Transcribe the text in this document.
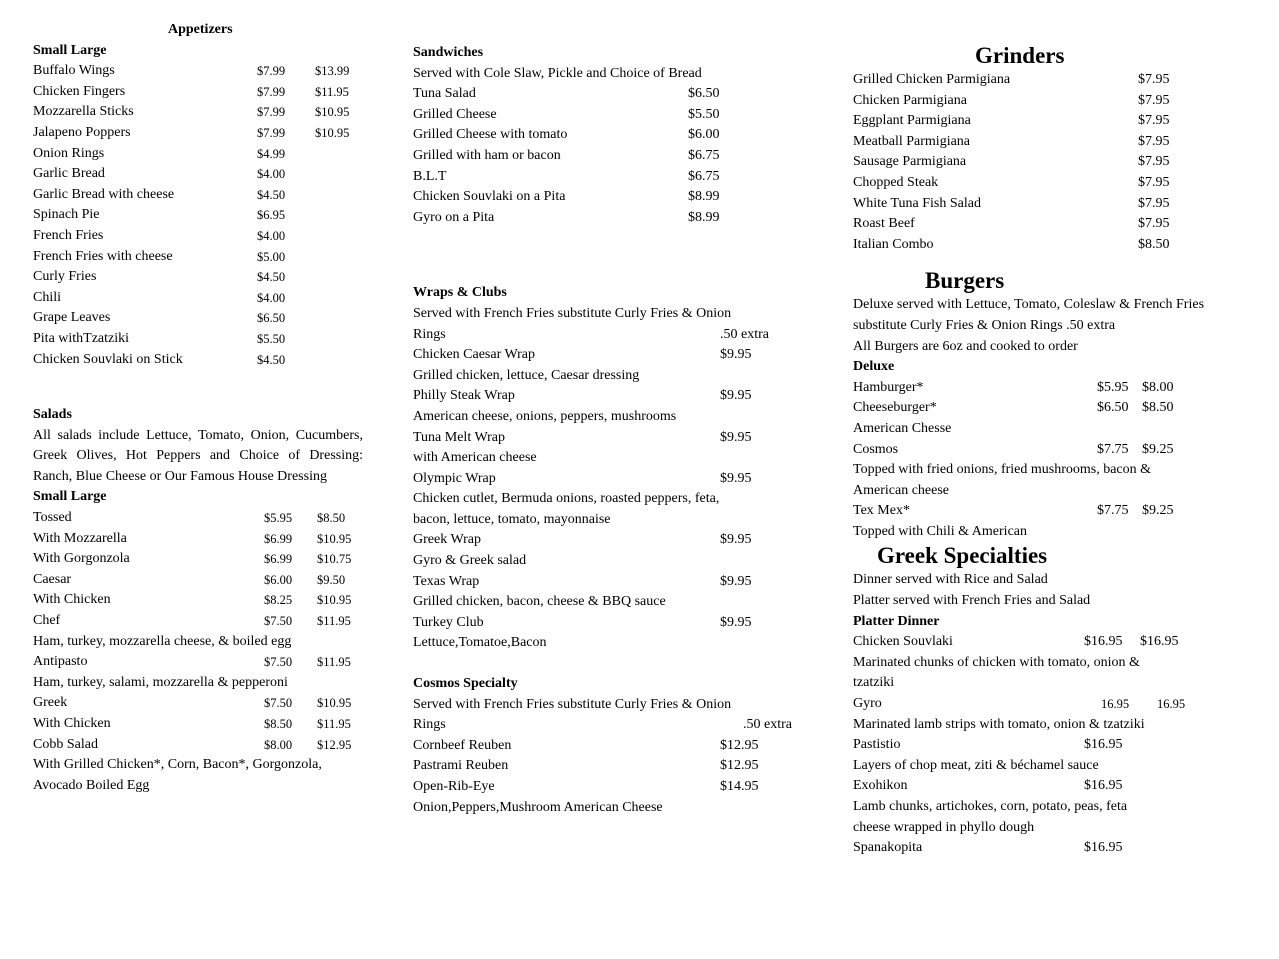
Appetizers
Small Large
Buffalo Wings	$7.99 $13.99
Chicken Fingers	$7.99 $11.95
Mozzarella Sticks	$7.99 $10.95
Jalapeno Poppers	$7.99 $10.95
Onion Rings	$4.99
Garlic Bread	$4.00
Garlic Bread with cheese	$4.50
Spinach Pie	$6.95
French Fries	$4.00
French Fries with cheese	$5.00
Curly Fries	$4.50
Chili	$4.00
Grape Leaves	$6.50
Pita withTzatziki	$5.50
Chicken Souvlaki on Stick	$4.50
Salads
All salads include Lettuce, Tomato, Onion, Cucumbers, Greek Olives, Hot Peppers and Choice of Dressing: Ranch, Blue Cheese or Our Famous House Dressing
Small Large
Tossed	$5.95 $8.50
With Mozzarella	$6.99 $10.95
With Gorgonzola	$6.99 $10.75
Caesar	$6.00 $9.50
With Chicken	$8.25 $10.95
Chef	$7.50 $11.95
Ham, turkey, mozzarella cheese, & boiled egg
Antipasto	$7.50 $11.95
Ham, turkey, salami, mozzarella & pepperoni
Greek	$7.50 $10.95
With Chicken	$8.50 $11.95
Cobb Salad	$8.00 $12.95
With Grilled Chicken*, Corn, Bacon*, Gorgonzola, Avocado Boiled Egg
Sandwiches
Served with Cole Slaw, Pickle and Choice of Bread
Tuna Salad	$6.50
Grilled Cheese	$5.50
Grilled Cheese with tomato	$6.00
Grilled with ham or bacon	$6.75
B.L.T	$6.75
Chicken Souvlaki on a Pita	$8.99
Gyro on a Pita	$8.99
Wraps & Clubs
Served with French Fries substitute Curly Fries & Onion
Rings	.50 extra
Chicken Caesar Wrap	$9.95
Grilled chicken, lettuce, Caesar dressing
Philly Steak Wrap	$9.95
American cheese, onions, peppers, mushrooms
Tuna Melt Wrap	$9.95
with American cheese
Olympic Wrap	$9.95
Chicken cutlet, Bermuda onions, roasted peppers, feta,
bacon, lettuce, tomato, mayonnaise
Greek Wrap	$9.95
Gyro & Greek salad
Texas Wrap	$9.95
Grilled chicken, bacon, cheese & BBQ sauce
Turkey Club	$9.95
Lettuce,Tomatoe,Bacon
Cosmos Specialty
Served with French Fries substitute Curly Fries & Onion
Rings	.50 extra
Cornbeef Reuben	$12.95
Pastrami Reuben	$12.95
Open-Rib-Eye	$14.95
Onion,Peppers,Mushroom American Cheese
Grinders
Grilled Chicken Parmigiana	$7.95
Chicken Parmigiana	$7.95
Eggplant Parmigiana	$7.95
Meatball Parmigiana	$7.95
Sausage Parmigiana	$7.95
Chopped Steak	$7.95
White Tuna Fish Salad	$7.95
Roast Beef	$7.95
Italian Combo	$8.50
Burgers
Deluxe served with Lettuce, Tomato, Coleslaw & French Fries
substitute Curly Fries & Onion Rings .50 extra
All Burgers are 6oz and cooked to order
Deluxe
Hamburger*	$5.95 $8.00
Cheeseburger*	$6.50 $8.50
American Chesse
Cosmos	$7.75 $9.25
Topped with fried onions, fried mushrooms, bacon &
American cheese
Tex Mex*	$7.75 $9.25
Topped with Chili & American
Greek Specialties
Dinner served with Rice and Salad
Platter served with French Fries and Salad
Platter Dinner
Chicken Souvlaki	$16.95 $16.95
Marinated chunks of chicken with tomato, onion &
tzatziki
Gyro	16.95 16.95
Marinated lamb strips with tomato, onion & tzatziki
Pastistio	$16.95
Layers of chop meat, ziti & béchamel sauce
Exohikon	$16.95
Lamb chunks, artichokes, corn, potato, peas, feta
cheese wrapped in phyllo dough
Spanakopita	$16.95
